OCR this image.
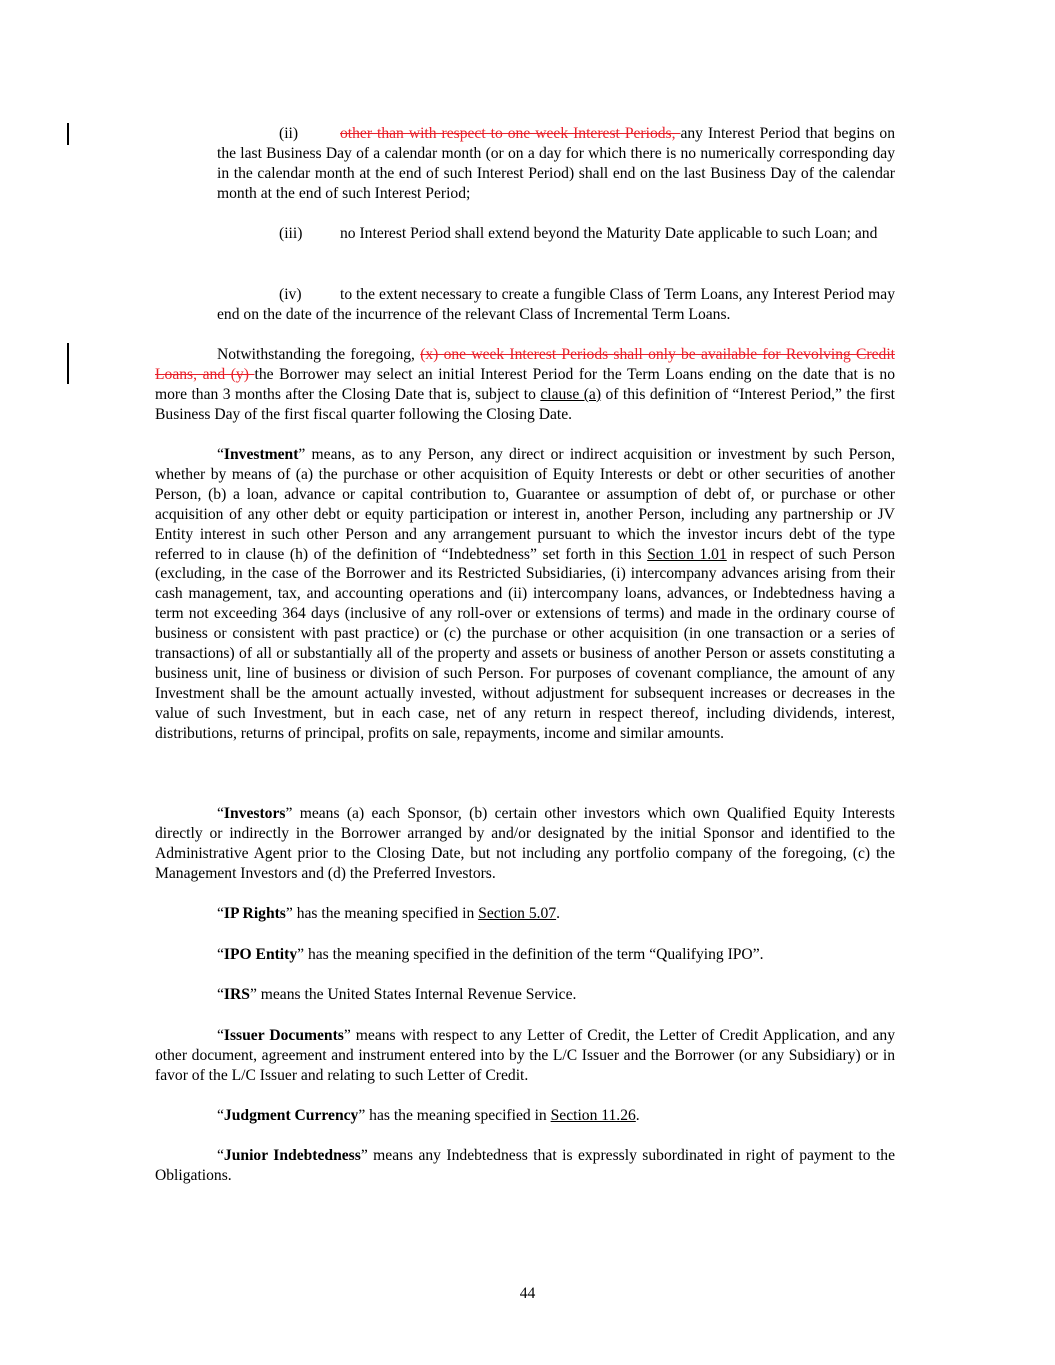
(ii)	other than with respect to one week Interest Periods, any Interest Period that begins on the last Business Day of a calendar month (or on a day for which there is no numerically corresponding day in the calendar month at the end of such Interest Period) shall end on the last Business Day of the calendar month at the end of such Interest Period;

(iii) no Interest Period shall extend beyond the Maturity Date applicable to such Loan; and

(iv) to the extent necessary to create a fungible Class of Term Loans, any Interest Period may end on the date of the incurrence of the relevant Class of Incremental Term Loans.

Notwithstanding the foregoing, (x) one week Interest Periods shall only be available for Revolving Credit Loans, and (y) the Borrower may select an initial Interest Period for the Term Loans ending on the date that is no more than 3 months after the Closing Date that is, subject to clause (a) of this definition of “Interest Period,” the first Business Day of the first fiscal quarter following the Closing Date.

“Investment” means, as to any Person, any direct or indirect acquisition or investment by such Person, whether by means of (a) the purchase or other acquisition of Equity Interests or debt or other securities of another Person, (b) a loan, advance or capital contribution to, Guarantee or assumption of debt of, or purchase or other acquisition of any other debt or equity participation or interest in, another Person, including any partnership or JV Entity interest in such other Person and any arrangement pursuant to which the investor incurs debt of the type referred to in clause (h) of the definition of “Indebtedness” set forth in this Section 1.01 in respect of such Person (excluding, in the case of the Borrower and its Restricted Subsidiaries, (i) intercompany advances arising from their cash management, tax, and accounting operations and (ii) intercompany loans, advances, or Indebtedness having a term not exceeding 364 days (inclusive of any roll-over or extensions of terms) and made in the ordinary course of business or consistent with past practice) or (c) the purchase or other acquisition (in one transaction or a series of transactions) of all or substantially all of the property and assets or business of another Person or assets constituting a business unit, line of business or division of such Person. For purposes of covenant compliance, the amount of any Investment shall be the amount actually invested, without adjustment for subsequent increases or decreases in the value of such Investment, but in each case, net of any return in respect thereof, including dividends, interest, distributions, returns of principal, profits on sale, repayments, income and similar amounts.

“Investors” means (a) each Sponsor, (b) certain other investors which own Qualified Equity Interests directly or indirectly in the Borrower arranged by and/or designated by the initial Sponsor and identified to the Administrative Agent prior to the Closing Date, but not including any portfolio company of the foregoing, (c) the Management Investors and (d) the Preferred Investors.

“IP Rights” has the meaning specified in Section 5.07.

“IPO Entity” has the meaning specified in the definition of the term “Qualifying IPO”.

“IRS” means the United States Internal Revenue Service.

“Issuer Documents” means with respect to any Letter of Credit, the Letter of Credit Application, and any other document, agreement and instrument entered into by the L/C Issuer and the Borrower (or any Subsidiary) or in favor of the L/C Issuer and relating to such Letter of Credit.

“Judgment Currency” has the meaning specified in Section 11.26.

“Junior Indebtedness” means any Indebtedness that is expressly subordinated in right of payment to the Obligations.

44
